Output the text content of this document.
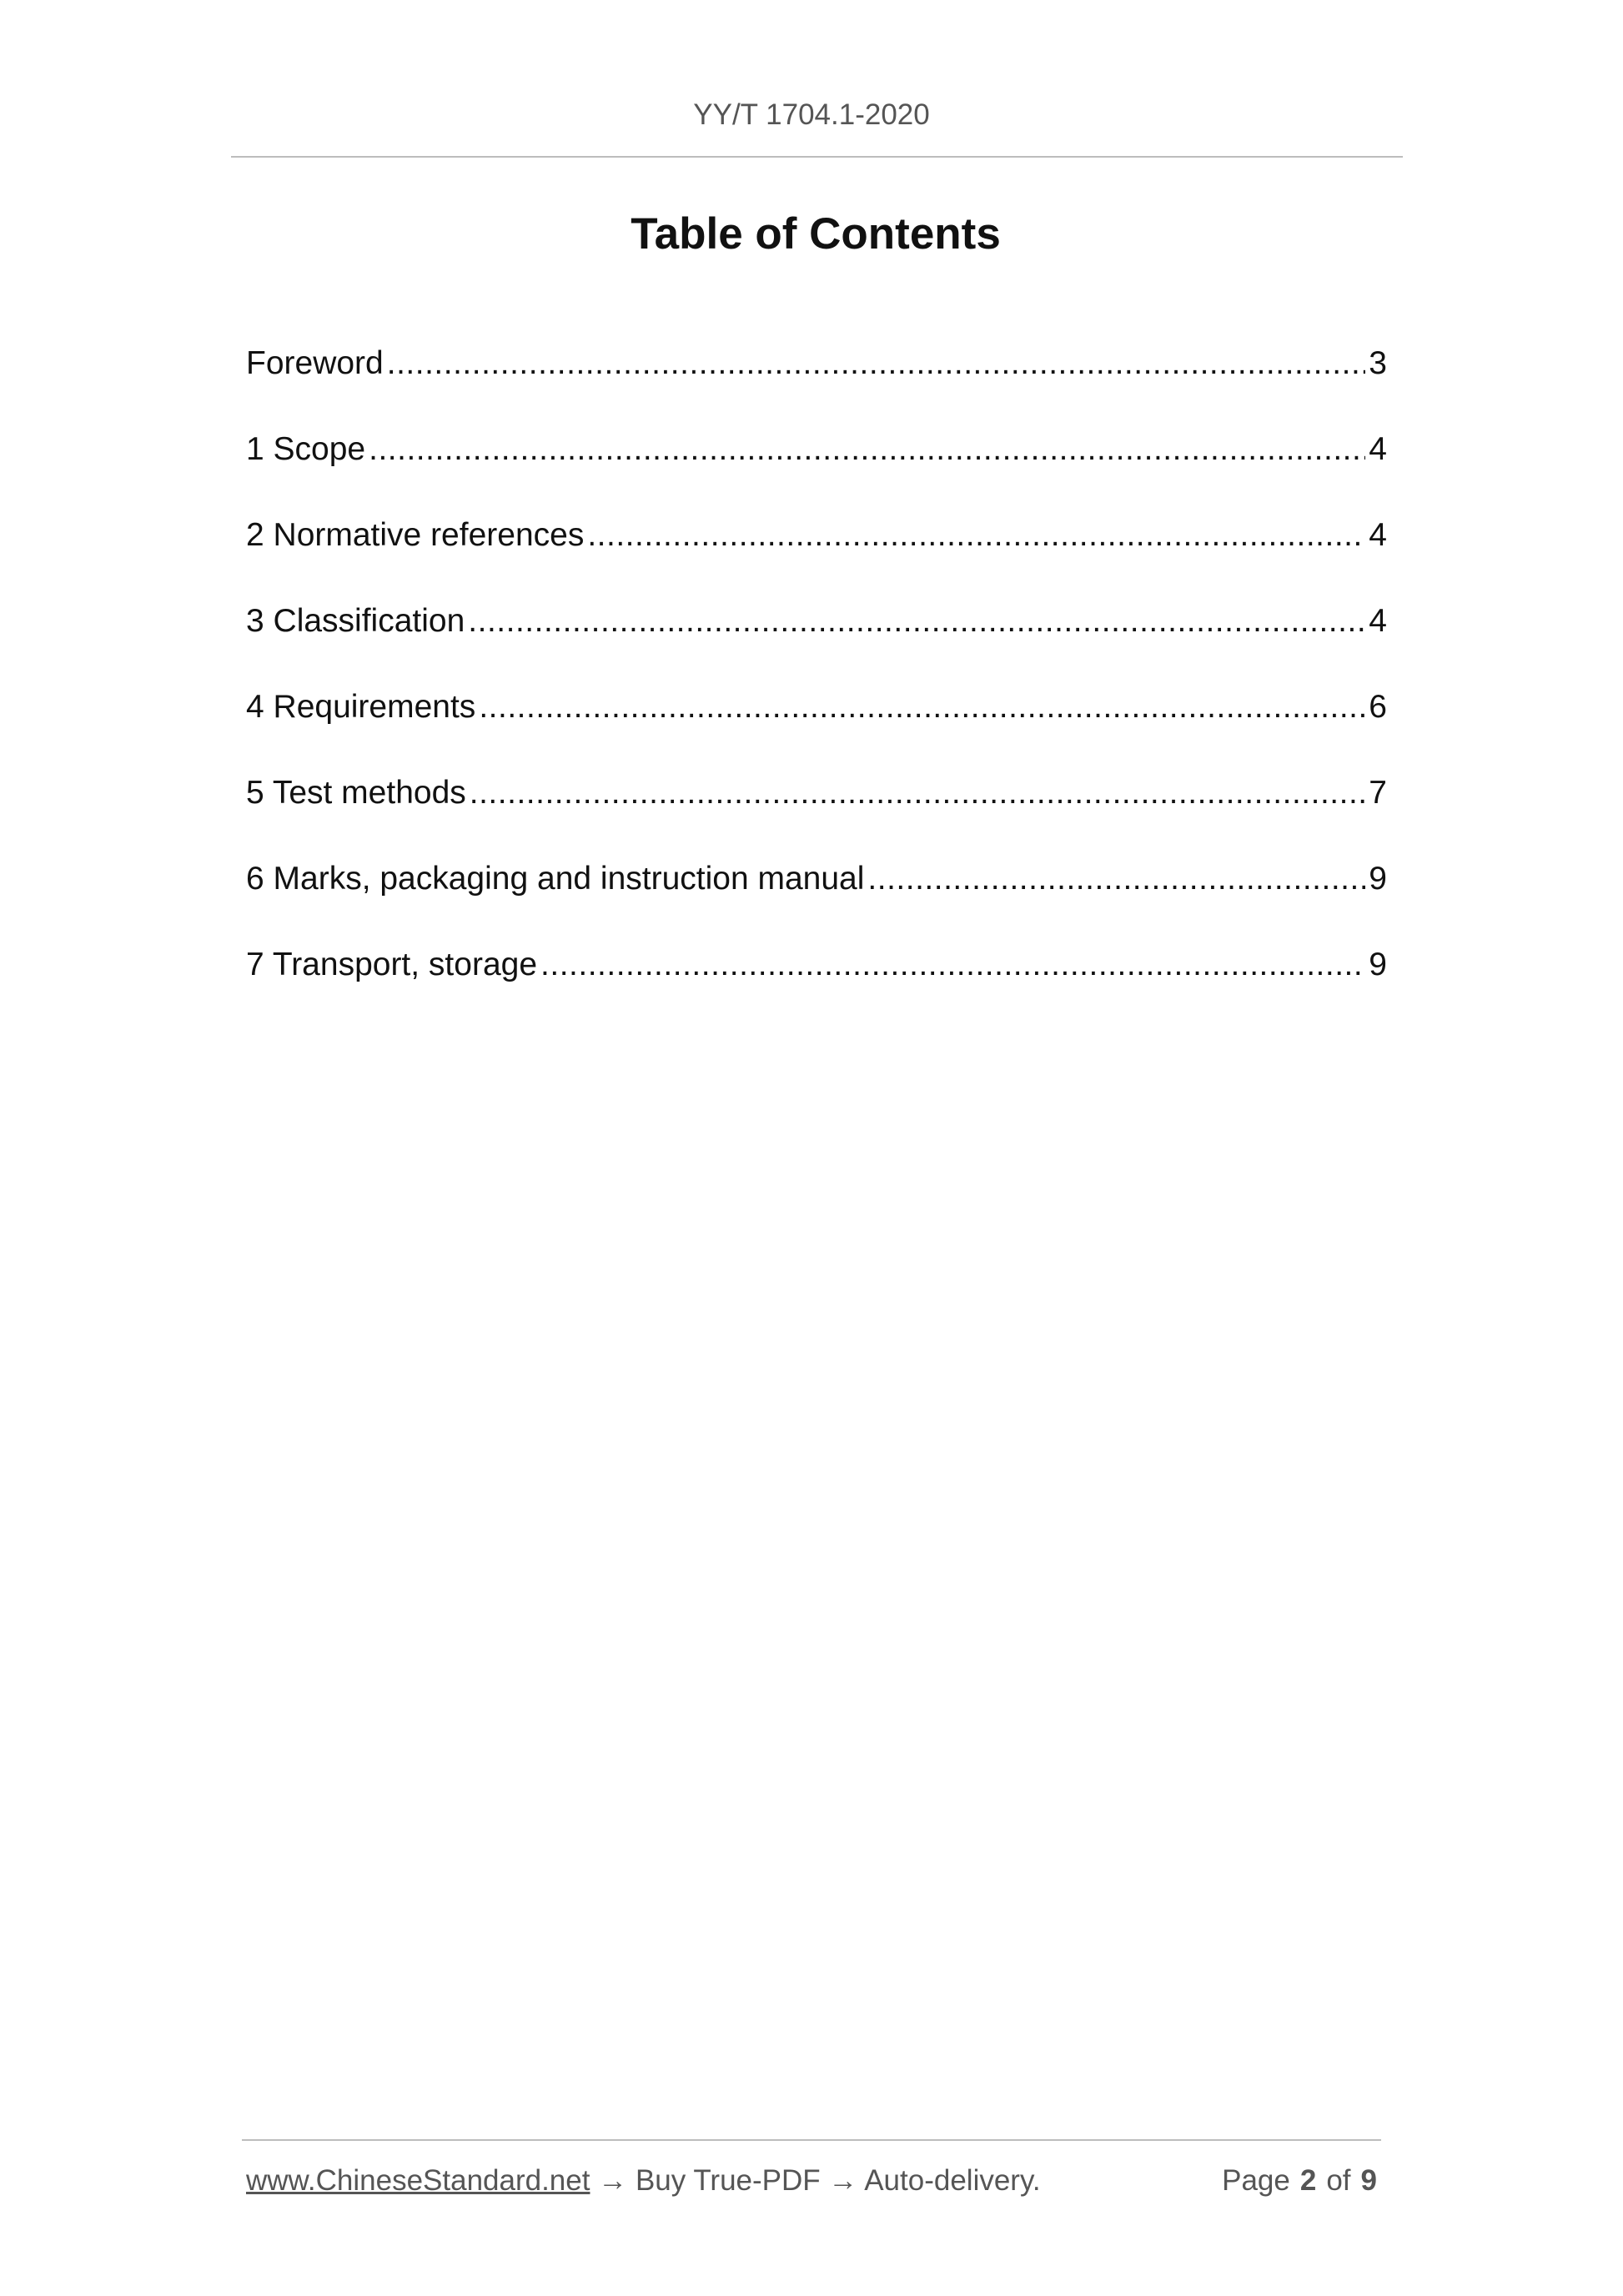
YY/T 1704.1-2020
Table of Contents
Foreword .....	3
1 Scope .....	4
2 Normative references .....	4
3 Classification .....	4
4 Requirements .....	6
5 Test methods .....	7
6 Marks, packaging and instruction manual .....	9
7 Transport, storage .....	9
www.ChineseStandard.net → Buy True-PDF → Auto-delivery.	Page 2 of 9
